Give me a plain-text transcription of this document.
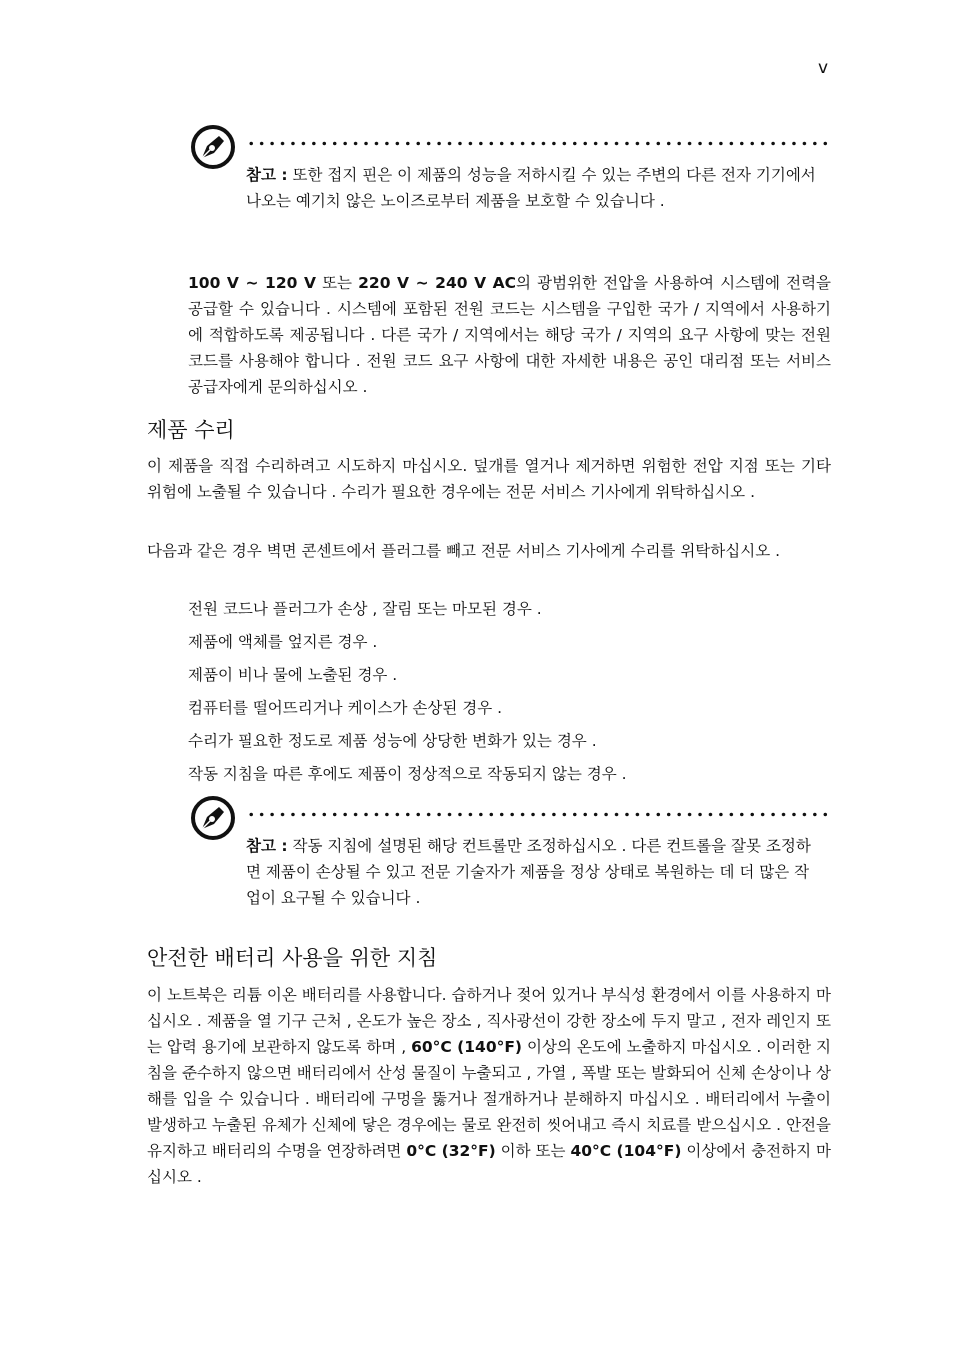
v
참고 : 또한 접지 핀은 이 제품의 성능을 저하시킬 수 있는 주변의 다른 전자 기기에서 나오는 예기치 않은 노이즈로부터 제품을 보호할 수 있습니다 .

100 V ~ 120 V 또는 220 V ~ 240 V AC의 광범위한 전압을 사용하여 시스템에 전력을 공급할 수 있습니다 . 시스템에 포함된 전원 코드는 시스템을 구입한 국가 / 지역에서 사용하기에 적합하도록 제공됩니다 . 다른 국가 / 지역에서는 해당 국가 / 지역의 요구 사항에 맞는 전원 코드를 사용해야 합니다 . 전원 코드 요구 사항에 대한 자세한 내용은 공인 대리점 또는 서비스 공급자에게 문의하십시오 .

제품 수리

이 제품을 직접 수리하려고 시도하지 마십시오. 덮개를 열거나 제거하면 위험한 전압 지점 또는 기타 위험에 노출될 수 있습니다 . 수리가 필요한 경우에는 전문 서비스 기사에게 위탁하십시오 .

다음과 같은 경우 벽면 콘센트에서 플러그를 빼고 전문 서비스 기사에게 수리를 위탁하십시오 .

전원 코드나 플러그가 손상 , 잘림 또는 마모된 경우 .
제품에 액체를 엎지른 경우 .
제품이 비나 물에 노출된 경우 .
컴퓨터를 떨어뜨리거나 케이스가 손상된 경우 .
수리가 필요한 정도로 제품 성능에 상당한 변화가 있는 경우 .
작동 지침을 따른 후에도 제품이 정상적으로 작동되지 않는 경우 .
참고 : 작동 지침에 설명된 해당 컨트롤만 조정하십시오 . 다른 컨트롤을 잘못 조정하면 제품이 손상될 수 있고 전문 기술자가 제품을 정상 상태로 복원하는 데 더 많은 작업이 요구될 수 있습니다 .
안전한 배터리 사용을 위한 지침

이 노트북은 리튬 이온 배터리를 사용합니다. 습하거나 젖어 있거나 부식성 환경에서 이를 사용하지 마십시오 . 제품을 열 기구 근처 , 온도가 높은 장소 , 직사광선이 강한 장소에 두지 말고 , 전자 레인지 또는 압력 용기에 보관하지 않도록 하며 , 60°C (140°F) 이상의 온도에 노출하지 마십시오 . 이러한 지침을 준수하지 않으면 배터리에서 산성 물질이 누출되고 , 가열 , 폭발 또는 발화되어 신체 손상이나 상해를 입을 수 있습니다 . 배터리에 구멍을 뚫거나 절개하거나 분해하지 마십시오 . 배터리에서 누출이 발생하고 누출된 유체가 신체에 닿은 경우에는 물로 완전히 씻어내고 즉시 치료를 받으십시오 . 안전을 유지하고 배터리의 수명을 연장하려면 0°C (32°F) 이하 또는 40°C (104°F) 이상에서 충전하지 마십시오 .
